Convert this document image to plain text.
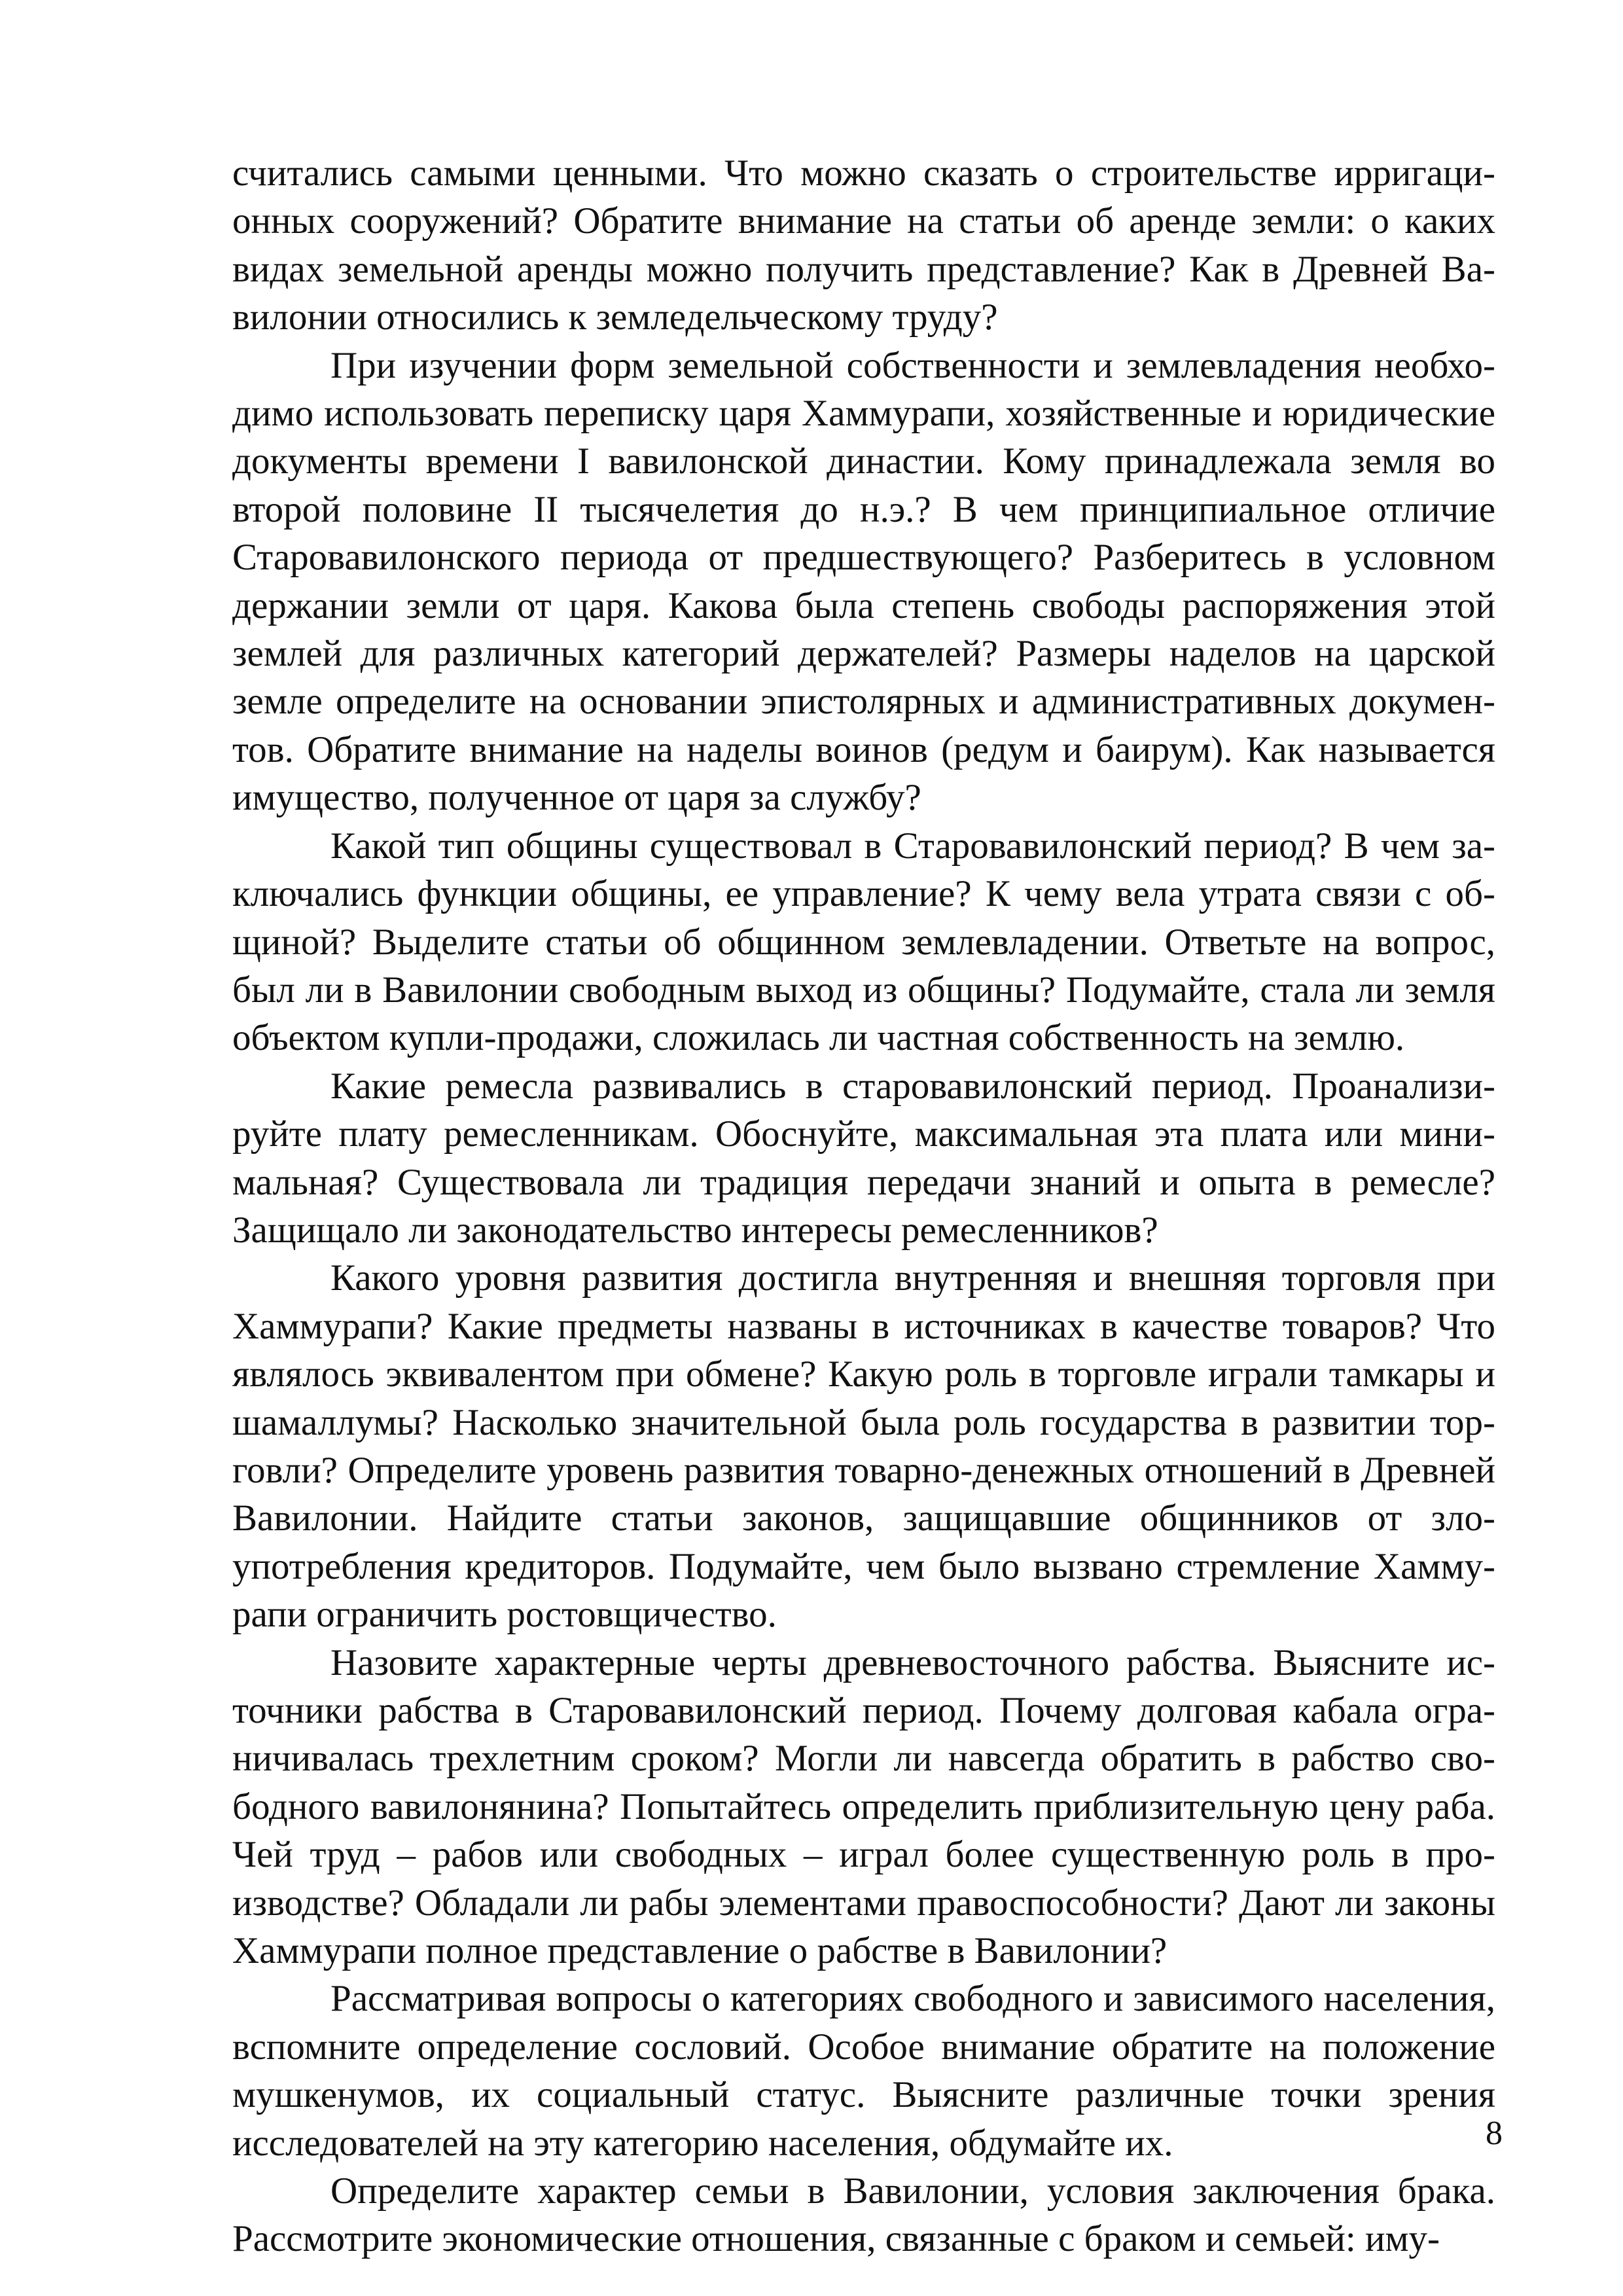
считались самыми ценными. Что можно сказать о строительстве ирригационных сооружений? Обратите внимание на статьи об аренде земли: о каких видах земельной аренды можно получить представление? Как в Древней Вавилонии относились к земледельческому труду?

При изучении форм земельной собственности и землевладения необходимо использовать переписку царя Хаммурапи, хозяйственные и юридические документы времени I вавилонской династии. Кому принадлежала земля во второй половине II тысячелетия до н.э.? В чем принципиальное отличие Старовавилонского периода от предшествующего? Разберитесь в условном держании земли от царя. Какова была степень свободы распоряжения этой землей для различных категорий держателей? Размеры наделов на царской земле определите на основании эпистолярных и административных документов. Обратите внимание на наделы воинов (редум и баирум). Как называется имущество, полученное от царя за службу?

Какой тип общины существовал в Старовавилонский период? В чем заключались функции общины, ее управление? К чему вела утрата связи с общиной? Выделите статьи об общинном землевладении. Ответьте на вопрос, был ли в Вавилонии свободным выход из общины? Подумайте, стала ли земля объектом купли-продажи, сложилась ли частная собственность на землю.

Какие ремесла развивались в старовавилонский период. Проанализируйте плату ремесленникам. Обоснуйте, максимальная эта плата или минимальная? Существовала ли традиция передачи знаний и опыта в ремесле? Защищало ли законодательство интересы ремесленников?

Какого уровня развития достигла внутренняя и внешняя торговля при Хаммурапи? Какие предметы названы в источниках в качестве товаров? Что являлось эквивалентом при обмене? Какую роль в торговле играли тамкары и шамаллумы? Насколько значительной была роль государства в развитии торговли? Определите уровень развития товарно-денежных отношений в Древней Вавилонии. Найдите статьи законов, защищавшие общинников от злоупотребления кредиторов. Подумайте, чем было вызвано стремление Хаммурапи ограничить ростовщичество.

Назовите характерные черты древневосточного рабства. Выясните источники рабства в Старовавилонский период. Почему долговая кабала ограничивалась трехлетним сроком? Могли ли навсегда обратить в рабство свободного вавилонянина? Попытайтесь определить приблизительную цену раба. Чей труд – рабов или свободных – играл более существенную роль в производстве? Обладали ли рабы элементами правоспособности? Дают ли законы Хаммурапи полное представление о рабстве в Вавилонии?

Рассматривая вопросы о категориях свободного и зависимого населения, вспомните определение сословий. Особое внимание обратите на положение мушкенумов, их социальный статус. Выясните различные точки зрения исследователей на эту категорию населения, обдумайте их.

Определите характер семьи в Вавилонии, условия заключения брака. Рассмотрите экономические отношения, связанные с браком и семьей: иму-

8
